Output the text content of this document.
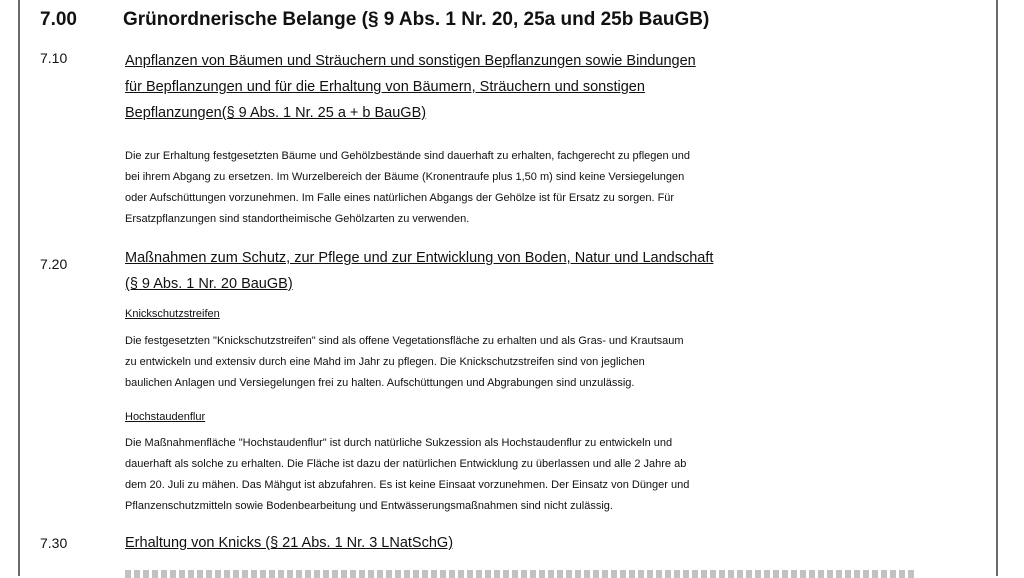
7.00 Grünordnerische Belange (§ 9 Abs. 1 Nr. 20, 25a und 25b BauGB)
7.10	Anpflanzen von Bäumen und Sträuchern und sonstigen Bepflanzungen sowie Bindungen
für Bepflanzungen und für die Erhaltung von Bäumern, Sträuchern und sonstigen
Bepflanzungen(§ 9 Abs. 1 Nr. 25 a + b BauGB)
Die zur Erhaltung festgesetzten Bäume und Gehölzbestände sind dauerhaft zu erhalten, fachgerecht zu pflegen und
bei ihrem Abgang zu ersetzen. Im Wurzelbereich der Bäume (Kronentraufe plus 1,50 m) sind keine Versiegelungen
oder Aufschüttungen vorzunehmen. Im Falle eines natürlichen Abgangs der Gehölze ist für Ersatz zu sorgen. Für
Ersatzpflanzungen sind standortheimische Gehölzarten zu verwenden.
7.20	Maßnahmen zum Schutz, zur Pflege und zur Entwicklung von Boden, Natur und Landschaft
(§ 9 Abs. 1 Nr. 20 BauGB)
Knickschutzstreifen
Die festgesetzten "Knickschutzstreifen" sind als offene Vegetationsfläche zu erhalten und als Gras- und Krautsaum
zu entwickeln und extensiv durch eine Mahd im Jahr zu pflegen. Die Knickschutzstreifen sind von jeglichen
baulichen Anlagen und Versiegelungen frei zu halten. Aufschüttungen und Abgrabungen sind unzulässig.
Hochstaudenflur
Die Maßnahmenfläche "Hochstaudenflur" ist durch natürliche Sukzession als Hochstaudenflur zu entwickeln und
dauerhaft als solche zu erhalten. Die Fläche ist dazu der natürlichen Entwicklung zu überlassen und alle 2 Jahre ab
dem 20. Juli zu mähen. Das Mähgut ist abzufahren. Es ist keine Einsaat vorzunehmen. Der Einsatz von Dünger und
Pflanzenschutzmitteln sowie Bodenbearbeitung und Entwässerungsmaßnahmen sind nicht zulässig.
7.30	Erhaltung von Knicks (§ 21 Abs. 1 Nr. 3 LNatSchG)
